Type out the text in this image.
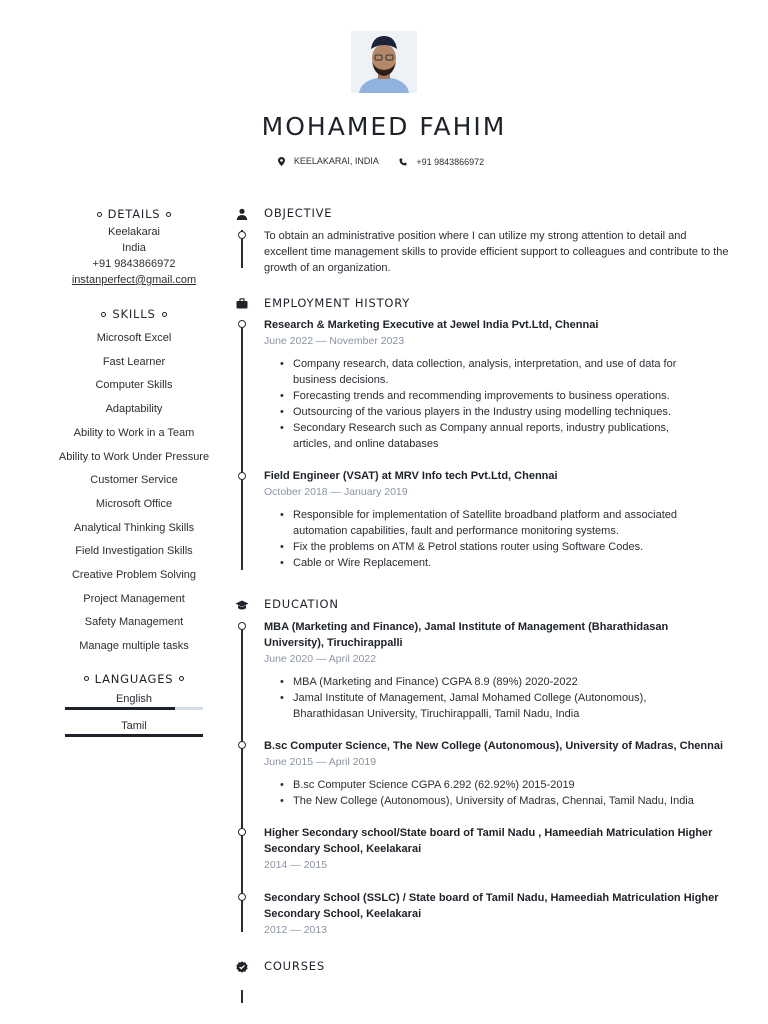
MOHAMED FAHIM
KEELAKARAI, INDIA
	+91 9843866972
DETAILS
Keelakarai
India
+91 9843866972
instanperfect@gmail.com
SKILLS
Microsoft Excel
Fast Learner
Computer Skills
Adaptability
Ability to Work in a Team
Ability to Work Under Pressure
Customer Service
Microsoft Office
Analytical Thinking Skills
Field Investigation Skills
Creative Problem Solving
Project Management
Safety Management
Manage multiple tasks
LANGUAGES
English
Tamil
OBJECTIVE
To obtain an administrative position where I can utilize my strong attention to detail and excellent time management skills to provide efficient support to colleagues and contribute to the growth of an organization.
EMPLOYMENT HISTORY
Research & Marketing Executive at Jewel India Pvt.Ltd, Chennai
June 2022 — November 2023
• Company research, data collection, analysis, interpretation, and use of data for business decisions.
• Forecasting trends and recommending improvements to business operations.
• Outsourcing of the various players in the Industry using modelling techniques.
• Secondary Research such as Company annual reports, industry publications, articles, and online databases
Field Engineer (VSAT) at MRV Info tech Pvt.Ltd, Chennai
October 2018 — January 2019
• Responsible for implementation of Satellite broadband platform and associated automation capabilities, fault and performance monitoring systems.
• Fix the problems on ATM & Petrol stations router using Software Codes.
• Cable or Wire Replacement.
EDUCATION
MBA (Marketing and Finance), Jamal Institute of Management (Bharathidasan University), Tiruchirappalli
June 2020 — April 2022
• MBA (Marketing and Finance) CGPA 8.9 (89%) 2020-2022
• Jamal Institute of Management, Jamal Mohamed College (Autonomous), Bharathidasan University, Tiruchirappalli, Tamil Nadu, India
B.sc Computer Science, The New College (Autonomous), University of Madras, Chennai
June 2015 — April 2019
• B.sc Computer Science CGPA 6.292 (62.92%) 2015-2019
• The New College (Autonomous), University of Madras, Chennai, Tamil Nadu, India
Higher Secondary school/State board of Tamil Nadu , Hameediah Matriculation Higher Secondary School, Keelakarai
2014 — 2015
Secondary School (SSLC) / State board of Tamil Nadu, Hameediah Matriculation Higher Secondary School, Keelakarai
2012 — 2013
COURSES
